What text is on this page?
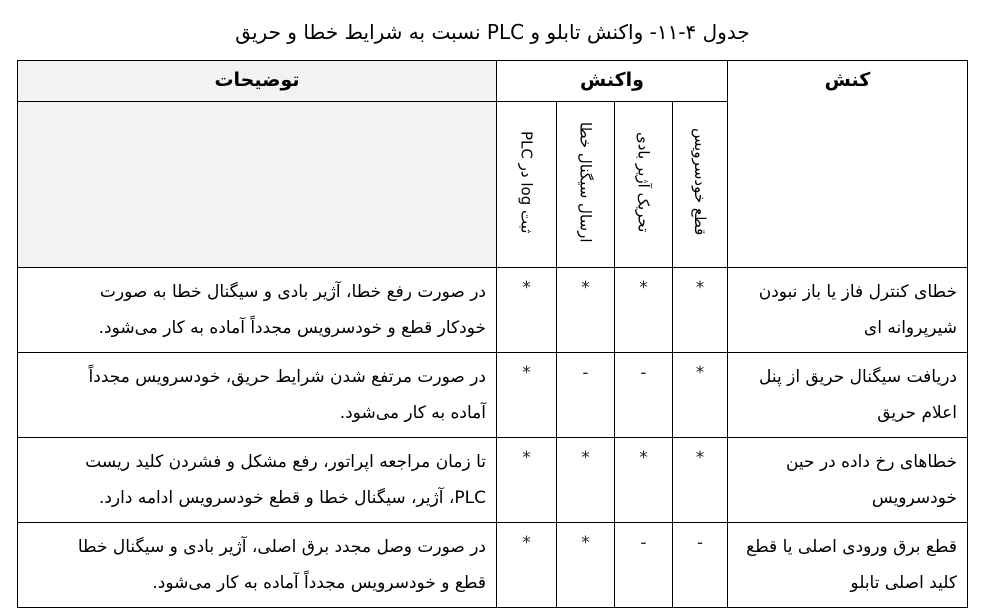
جدول ۴-۱۱- واکنش تابلو و PLC نسبت به شرایط خطا و حریق
کنش	واکنش				توضیحات
	قطع خودسرویس	تحریک آژیر بادی	ارسال سیگنال خطا	ثبت log در PLC	
خطای کنترل فاز یا باز نبودن شیرپروانه ای	*	*	*	*	در صورت رفع خطا، آژیر بادی و سیگنال خطا به صورت خودکار قطع و خودسرویس مجدداً آماده به کار می‌شود.
دریافت سیگنال حریق از پنل اعلام حریق	*	-	-	*	در صورت مرتفع شدن شرایط حریق، خودسرویس مجدداً آماده به کار می‌شود.
خطاهای رخ داده در حین خودسرویس	*	*	*	*	تا زمان مراجعه اپراتور، رفع مشکل و فشردن کلید ریست PLC، آژیر، سیگنال خطا و قطع خودسرویس ادامه دارد.
قطع برق ورودی اصلی یا قطع کلید اصلی تابلو	-	-	*	*	در صورت وصل مجدد برق اصلی، آژیر بادی و سیگنال خطا قطع و خودسرویس مجدداً آماده به کار می‌شود.
